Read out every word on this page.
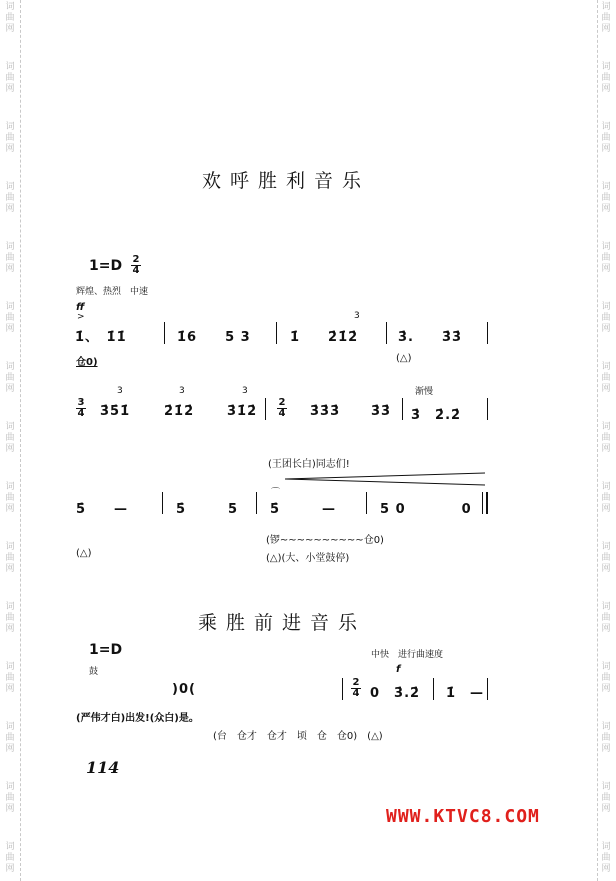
词曲网
词曲网
词曲网
词曲网
词曲网
词曲网
词曲网
词曲网
词曲网
词曲网
词曲网
词曲网
词曲网
词曲网
词曲网
词曲网
词曲网
词曲网
词曲网
词曲网
词曲网
词曲网
词曲网
词曲网
词曲网
词曲网
词曲网
词曲网
词曲网
词曲网
欢呼胜利音乐
1=D 2
4
辉煌、热烈　中速
ff
>
1̇、　1̇1̇	1̇6　　5 3	1̇　　2̇1̇2̇
3
3̇.　　3̇3̇
仓0)	(△)
3
4 3̇5̇1̇
3
2̇1̇2̇
3
3̇1̇2̇
3
2
4 3̇3̇3̇ 3̇3̇
渐慢
3̇　2̇.2̇
(王团长白)同志们!
5̇　　—	5̇　　　5
⌒
5̇　　　—	5 0　　　　0
(锣~~~~~~~~~~仓0)
(△)	(△)(大、小堂鼓停)
乘胜前进音乐
1=D	中快　进行曲速度
鼓	f
)0(	2
4 0　3̇.2̇ 1̇　—
(严伟才白)出发!(众白)是。
(台　仓才　仓才　顷　仓　仓0)　(△)
114
WWW.KTVC8.COM
